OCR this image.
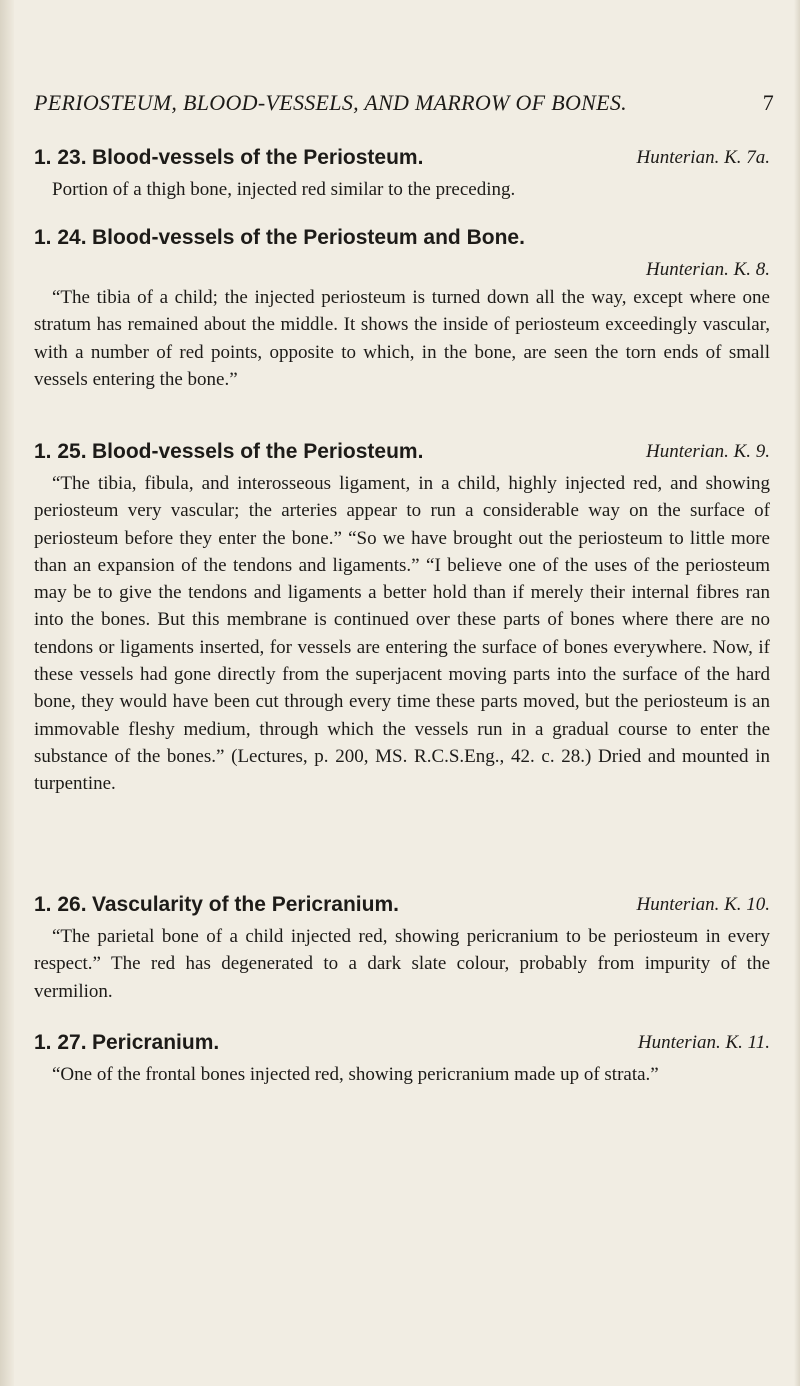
PERIOSTEUM, BLOOD-VESSELS, AND MARROW OF BONES.	7
1. 23. Blood-vessels of the Periosteum.	Hunterian. K. 7a.

Portion of a thigh bone, injected red similar to the preceding.

1. 24. Blood-vessels of the Periosteum and Bone.
Hunterian. K. 8.

“The tibia of a child; the injected periosteum is turned down all the way, except where one stratum has remained about the middle. It shows the inside of periosteum exceedingly vascular, with a number of red points, opposite to which, in the bone, are seen the torn ends of small vessels entering the bone.”

1. 25. Blood-vessels of the Periosteum.	Hunterian. K. 9.

“The tibia, fibula, and interosseous ligament, in a child, highly injected red, and showing periosteum very vascular; the arteries appear to run a considerable way on the surface of periosteum before they enter the bone.” “So we have brought out the periosteum to little more than an expansion of the tendons and ligaments.” “I believe one of the uses of the periosteum may be to give the tendons and ligaments a better hold than if merely their internal fibres ran into the bones. But this membrane is continued over these parts of bones where there are no tendons or ligaments inserted, for vessels are entering the surface of bones everywhere. Now, if these vessels had gone directly from the superjacent moving parts into the surface of the hard bone, they would have been cut through every time these parts moved, but the periosteum is an immovable fleshy medium, through which the vessels run in a gradual course to enter the substance of the bones.” (Lectures, p. 200, MS. R.C.S.Eng., 42. c. 28.) Dried and mounted in turpentine.

1. 26. Vascularity of the Pericranium.	Hunterian. K. 10.

“The parietal bone of a child injected red, showing pericranium to be periosteum in every respect.” The red has degenerated to a dark slate colour, probably from impurity of the vermilion.

1. 27. Pericranium.	Hunterian. K. 11.

“One of the frontal bones injected red, showing pericranium made up of strata.”
